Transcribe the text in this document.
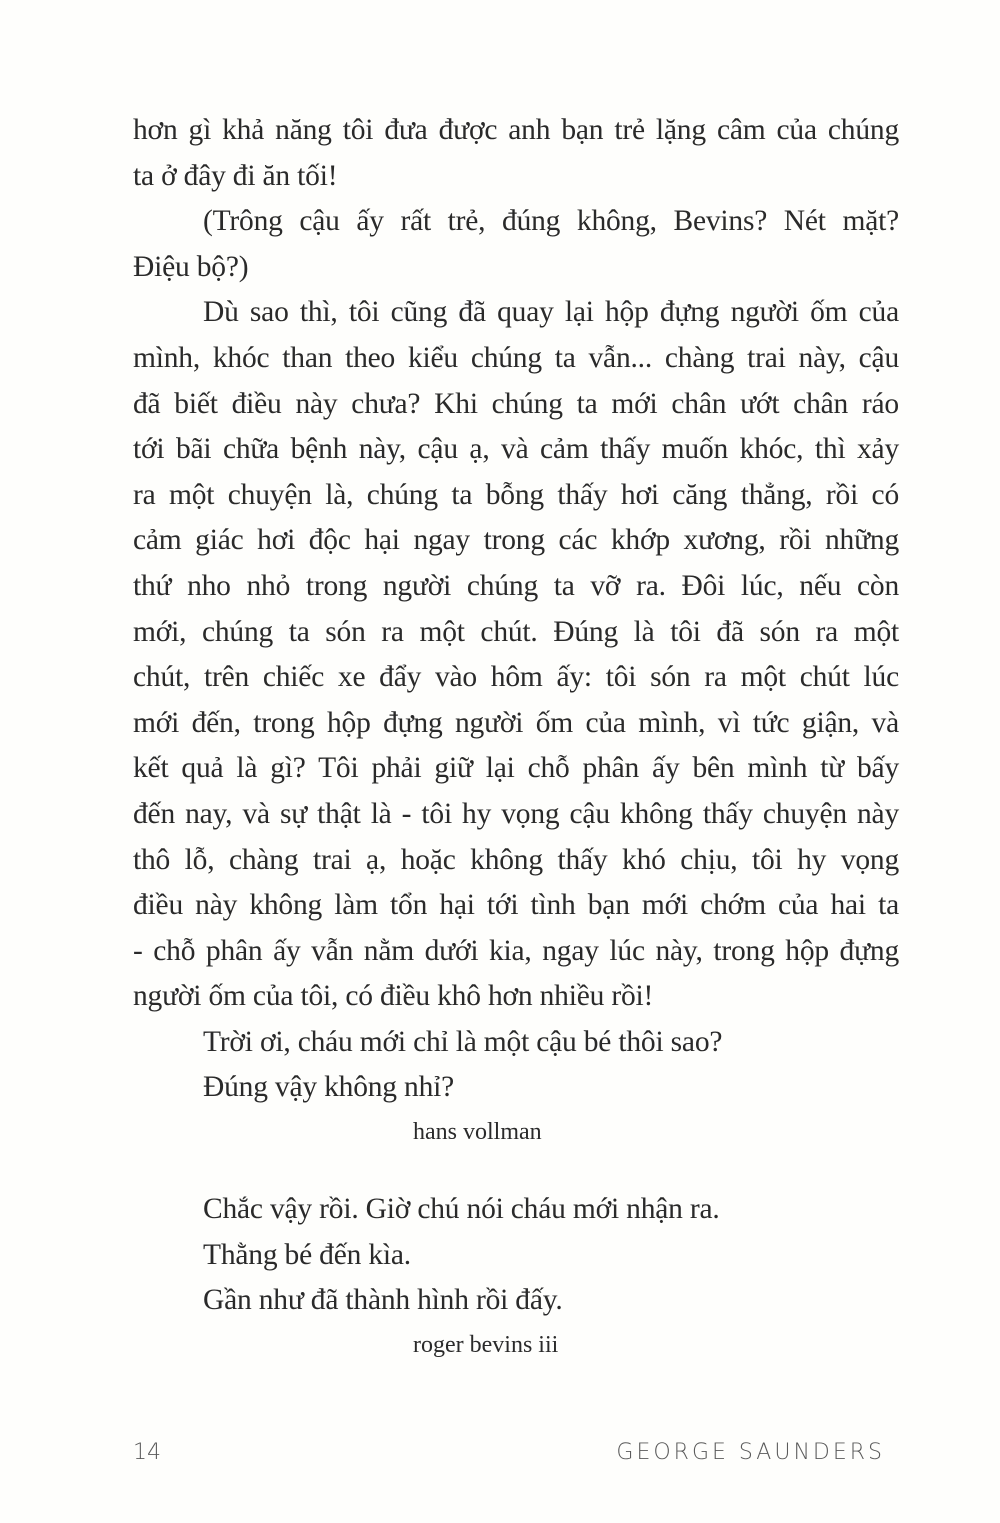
hơn gì khả năng tôi đưa được anh bạn trẻ lặng câm của chúng
ta ở đây đi ăn tối!
(Trông cậu ấy rất trẻ, đúng không, Bevins? Nét mặt?
Điệu bộ?)
Dù sao thì, tôi cũng đã quay lại hộp đựng người ốm của
mình, khóc than theo kiểu chúng ta vẫn... chàng trai này, cậu
đã biết điều này chưa? Khi chúng ta mới chân ướt chân ráo
tới bãi chữa bệnh này, cậu ạ, và cảm thấy muốn khóc, thì xảy
ra một chuyện là, chúng ta bỗng thấy hơi căng thẳng, rồi có
cảm giác hơi độc hại ngay trong các khớp xương, rồi những
thứ nho nhỏ trong người chúng ta vỡ ra. Đôi lúc, nếu còn
mới, chúng ta són ra một chút. Đúng là tôi đã són ra một
chút, trên chiếc xe đẩy vào hôm ấy: tôi són ra một chút lúc
mới đến, trong hộp đựng người ốm của mình, vì tức giận, và
kết quả là gì? Tôi phải giữ lại chỗ phân ấy bên mình từ bấy
đến nay, và sự thật là - tôi hy vọng cậu không thấy chuyện này
thô lỗ, chàng trai ạ, hoặc không thấy khó chịu, tôi hy vọng
điều này không làm tổn hại tới tình bạn mới chớm của hai ta
- chỗ phân ấy vẫn nằm dưới kia, ngay lúc này, trong hộp đựng
người ốm của tôi, có điều khô hơn nhiều rồi!
Trời ơi, cháu mới chỉ là một cậu bé thôi sao?
Đúng vậy không nhỉ?
hans vollman
Chắc vậy rồi. Giờ chú nói cháu mới nhận ra.
Thằng bé đến kìa.
Gần như đã thành hình rồi đấy.
roger bevins iii
14	GEORGE SAUNDERS
